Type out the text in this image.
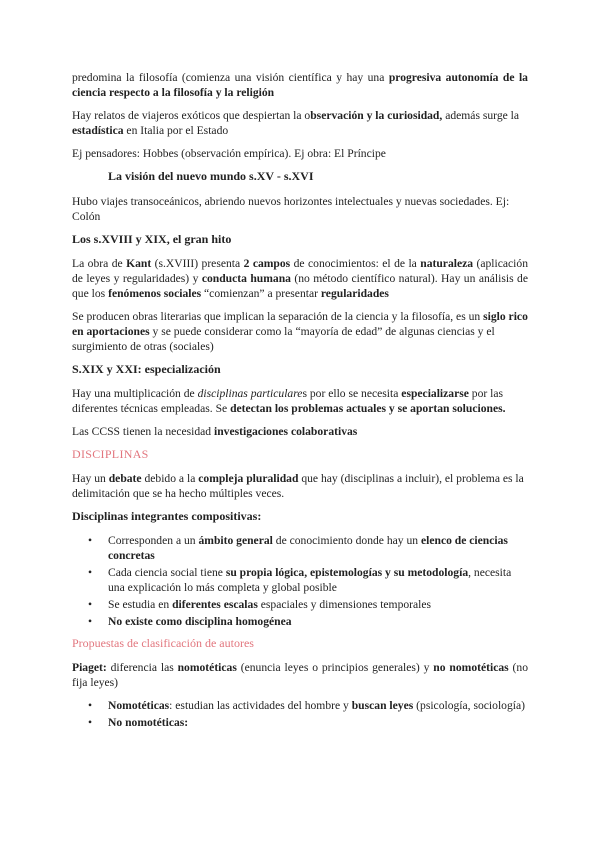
predomina la filosofía (comienza una visión científica y hay una progresiva autonomía de la ciencia respecto a la filosofía y la religión

Hay relatos de viajeros exóticos que despiertan la observación y la curiosidad, además surge la estadística en Italia por el Estado

Ej pensadores: Hobbes (observación empírica). Ej obra: El Príncipe

La visión del nuevo mundo s.XV - s.XVI

Hubo viajes transoceánicos, abriendo nuevos horizontes intelectuales y nuevas sociedades. Ej: Colón

Los s.XVIII y XIX, el gran hito

La obra de Kant (s.XVIII) presenta 2 campos de conocimientos: el de la naturaleza (aplicación de leyes y regularidades) y conducta humana (no método científico natural). Hay un análisis de que los fenómenos sociales “comienzan” a presentar regularidades

Se producen obras literarias que implican la separación de la ciencia y la filosofía, es un siglo rico en aportaciones y se puede considerar como la “mayoría de edad” de algunas ciencias y el surgimiento de otras (sociales)

S.XIX y XXI: especialización

Hay una multiplicación de disciplinas particulares por ello se necesita especializarse por las diferentes técnicas empleadas. Se detectan los problemas actuales y se aportan soluciones.

Las CCSS tienen la necesidad investigaciones colaborativas

DISCIPLINAS

Hay un debate debido a la compleja pluralidad que hay (disciplinas a incluir), el problema es la delimitación que se ha hecho múltiples veces.

Disciplinas integrantes compositivas:

• Corresponden a un ámbito general de conocimiento donde hay un elenco de ciencias concretas
• Cada ciencia social tiene su propia lógica, epistemologías y su metodología, necesita una explicación lo más completa y global posible
• Se estudia en diferentes escalas espaciales y dimensiones temporales
• No existe como disciplina homogénea

Propuestas de clasificación de autores

Piaget: diferencia las nomotéticas (enuncia leyes o principios generales) y no nomotéticas (no fija leyes)

• Nomotéticas: estudian las actividades del hombre y buscan leyes (psicología, sociología)
• No nomotéticas:
